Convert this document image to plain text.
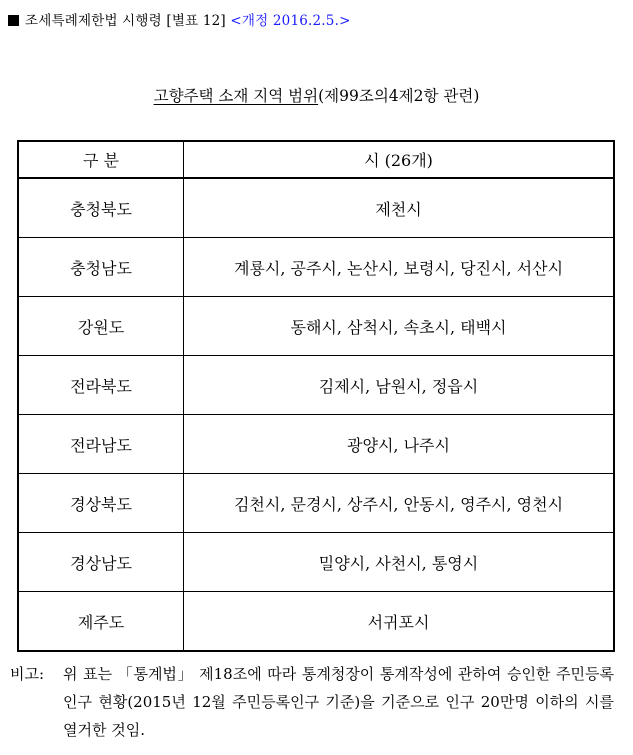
조세특례제한법 시행령 [별표 12] <개정 2016.2.5.>
고향주택 소재 지역 범위(제99조의4제2항 관련)
구 분	시 (26개)
충청북도	제천시
충청남도	계룡시, 공주시, 논산시, 보령시, 당진시, 서산시
강원도	동해시, 삼척시, 속초시, 태백시
전라북도	김제시, 남원시, 정읍시
전라남도	광양시, 나주시
경상북도	김천시, 문경시, 상주시, 안동시, 영주시, 영천시
경상남도	밀양시, 사천시, 통영시
제주도	서귀포시
비고: 위 표는 「통계법」 제18조에 따라 통계청장이 통계작성에 관하여 승인한 주민등록인구 현황(2015년 12월 주민등록인구 기준)을 기준으로 인구 20만명 이하의 시를 열거한 것임.
